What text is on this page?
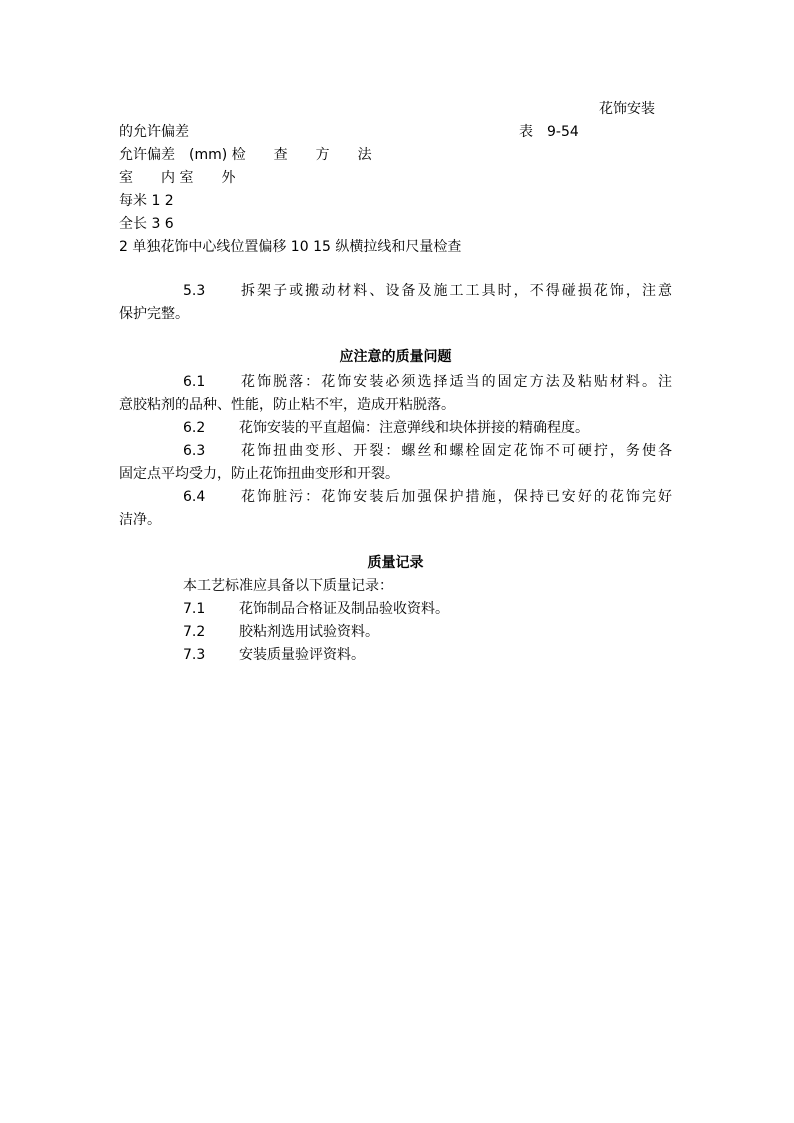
花饰安装
的允许偏差	表　9-54
允许偏差　(mm) 检　　查　　方　　法
室　　内 室　　外
每米 1 2
全长 3 6
2 单独花饰中心线位置偏移 10 15 纵横拉线和尺量检查
5.3 拆架子或搬动材料、设备及施工工具时，不得碰损花饰，注意
保护完整。
应注意的质量问题
6.1 花饰脱落：花饰安装必须选择适当的固定方法及粘贴材料。注
意胶粘剂的品种、性能，防止粘不牢，造成开粘脱落。
6.2 花饰安装的平直超偏：注意弹线和块体拼接的精确程度。
6.3 花饰扭曲变形、开裂：螺丝和螺栓固定花饰不可硬拧，务使各
固定点平均受力，防止花饰扭曲变形和开裂。
6.4 花饰脏污：花饰安装后加强保护措施，保持已安好的花饰完好
洁净。
质量记录
本工艺标准应具备以下质量记录：
7.1 花饰制品合格证及制品验收资料。
7.2 胶粘剂选用试验资料。
7.3 安装质量验评资料。
